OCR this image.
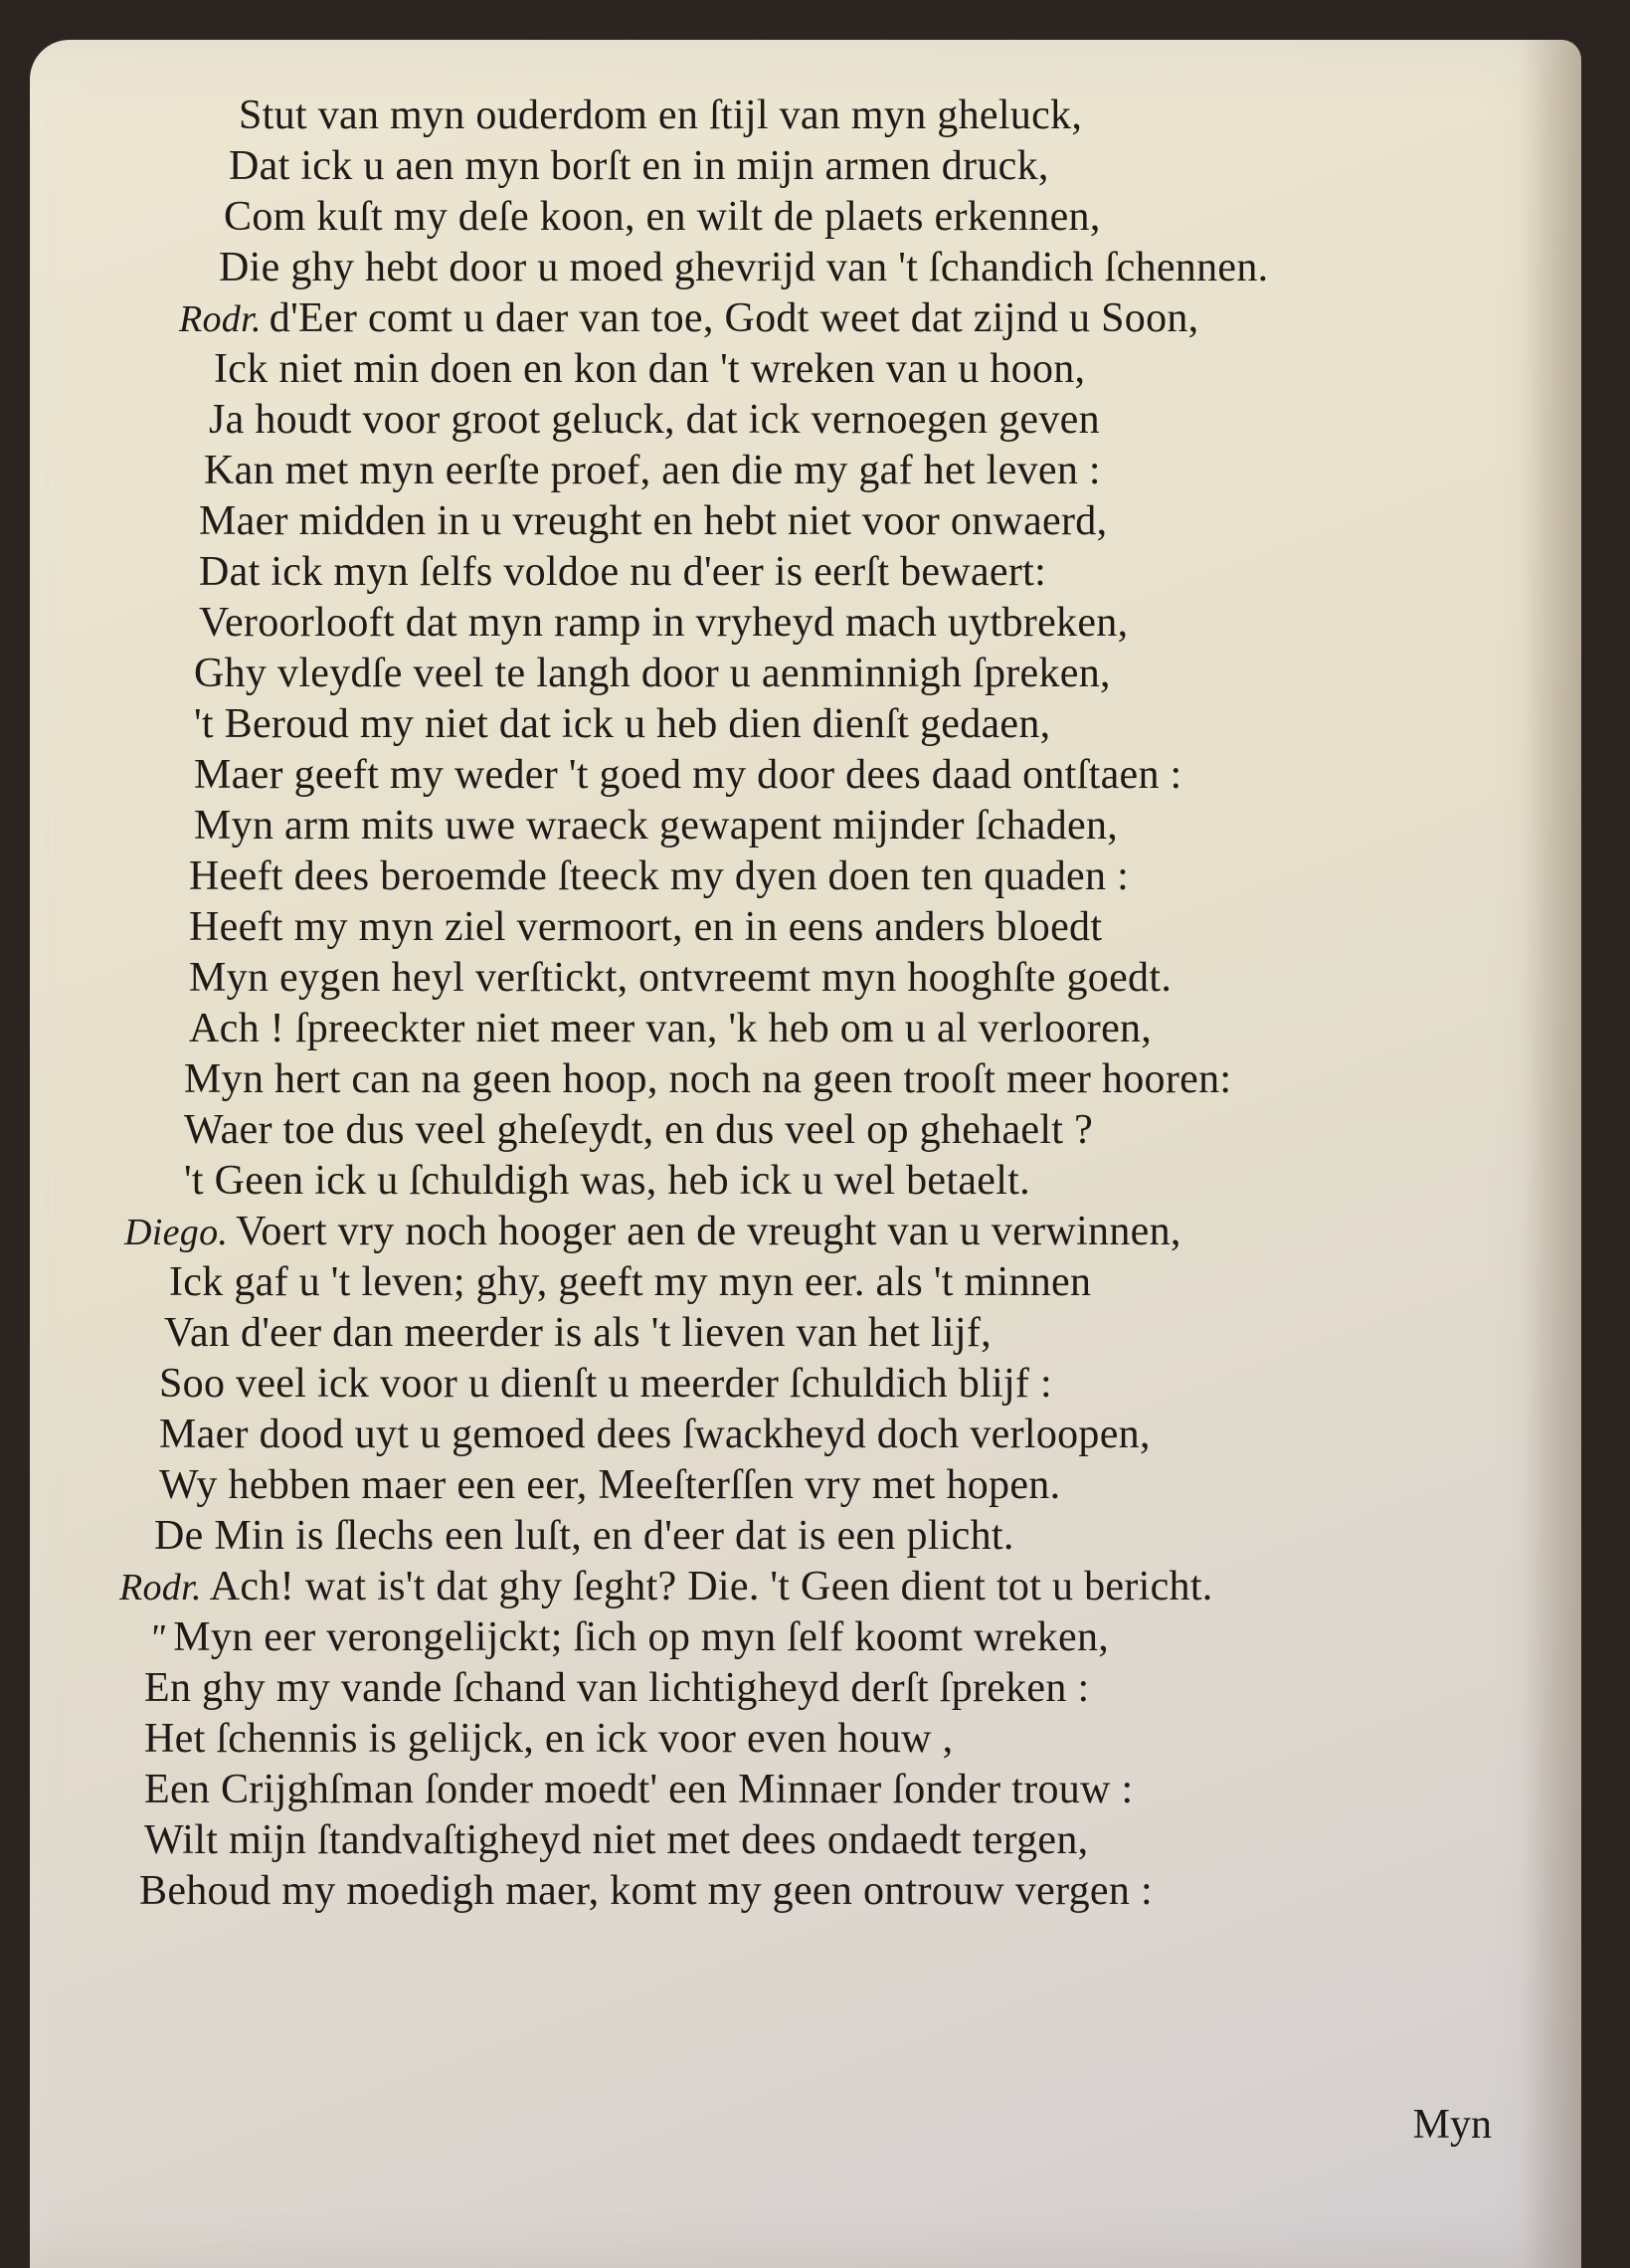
Stut van myn ouderdom en ſtijl van myn gheluck,
Dat ick u aen myn borſt en in mijn armen druck,
Com kuſt my deſe koon, en wilt de plaets erkennen,
Die ghy hebt door u moed ghevrijd van 't ſchandich ſchennen.
Rodr. d'Eer comt u daer van toe, Godt weet dat zijnd u Soon,
Ick niet min doen en kon dan 't wreken van u hoon,
Ja houdt voor groot geluck, dat ick vernoegen geven
Kan met myn eerſte proef, aen die my gaf het leven :
Maer midden in u vreught en hebt niet voor onwaerd,
Dat ick myn ſelfs voldoe nu d'eer is eerſt bewaert:
Veroorlooft dat myn ramp in vryheyd mach uytbreken,
Ghy vleydſe veel te langh door u aenminnigh ſpreken,
't Beroud my niet dat ick u heb dien dienſt gedaen,
Maer geeft my weder 't goed my door dees daad ontſtaen :
Myn arm mits uwe wraeck gewapent mijnder ſchaden,
Heeft dees beroemde ſteeck my dyen doen ten quaden :
Heeft my myn ziel vermoort, en in eens anders bloedt
Myn eygen heyl verſtickt, ontvreemt myn hooghſte goedt.
Ach ! ſpreeckter niet meer van, 'k heb om u al verlooren,
Myn hert can na geen hoop, noch na geen trooſt meer hooren:
Waer toe dus veel gheſeydt, en dus veel op ghehaelt ?
't Geen ick u ſchuldigh was, heb ick u wel betaelt.
Diego. Voert vry noch hooger aen de vreught van u verwinnen,
Ick gaf u 't leven; ghy, geeft my myn eer. als 't minnen
Van d'eer dan meerder is als 't lieven van het lijf,
Soo veel ick voor u dienſt u meerder ſchuldich blijf :
Maer dood uyt u gemoed dees ſwackheyd doch verloopen,
Wy hebben maer een eer, Meeſterſſen vry met hopen.
De Min is ſlechs een luſt, en d'eer dat is een plicht.
Rodr. Ach! wat is't dat ghy ſeght? Die. 't Geen dient tot u bericht.
" Myn eer verongelijckt; ſich op myn ſelf koomt wreken,
En ghy my vande ſchand van lichtigheyd derſt ſpreken :
Het ſchennis is gelijck, en ick voor even houw ,
Een Crijghſman ſonder moedt' een Minnaer ſonder trouw :
Wilt mijn ſtandvaſtigheyd niet met dees ondaedt tergen,
Behoud my moedigh maer, komt my geen ontrouw vergen :
Myn
